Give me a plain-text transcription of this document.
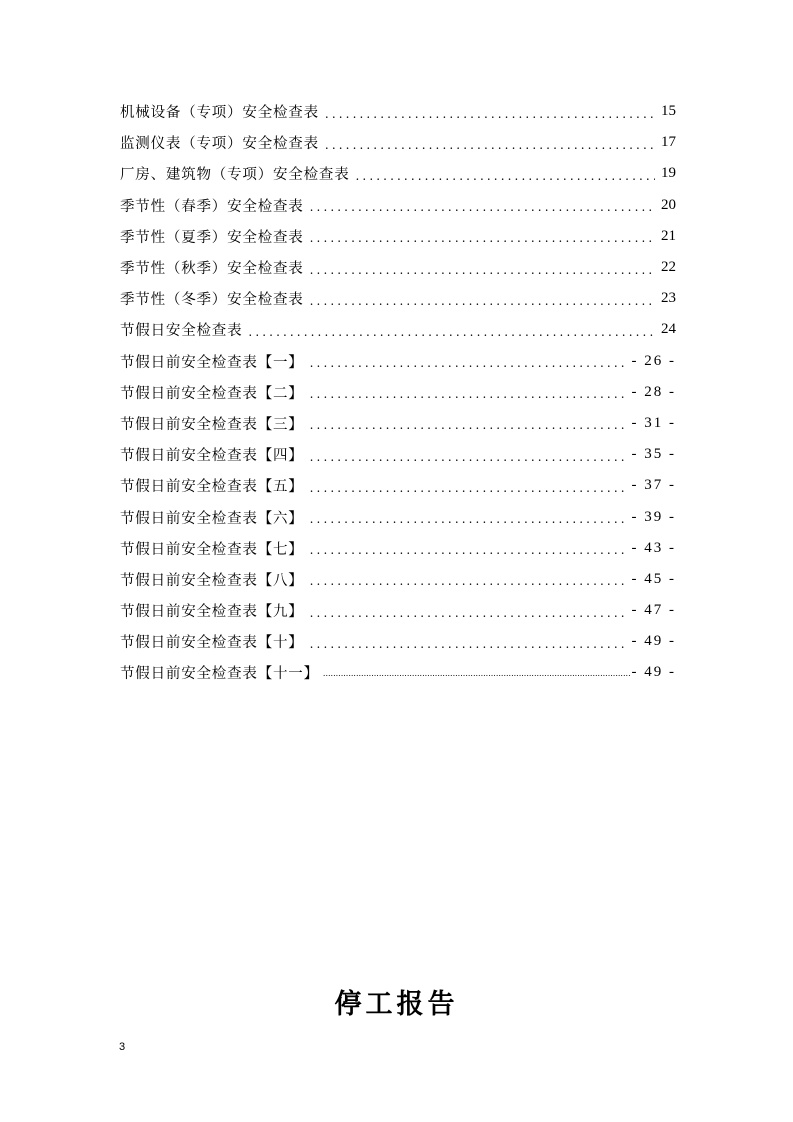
机械设备（专项）安全检查表 .....	15
监测仪表（专项）安全检查表 .....	17
厂房、建筑物（专项）安全检查表 .....	19
季节性（春季）安全检查表 .....	20
季节性（夏季）安全检查表 .....	21
季节性（秋季）安全检查表 .....	22
季节性（冬季）安全检查表 .....	23
节假日安全检查表 .....	24
节假日前安全检查表【一】 .....	- 26 -
节假日前安全检查表【二】 .....	- 28 -
节假日前安全检查表【三】 .....	- 31 -
节假日前安全检查表【四】 .....	- 35 -
节假日前安全检查表【五】 .....	- 37 -
节假日前安全检查表【六】 .....	- 39 -
节假日前安全检查表【七】 .....	- 43 -
节假日前安全检查表【八】 .....	- 45 -
节假日前安全检查表【九】 .....	- 47 -
节假日前安全检查表【十】 .....	- 49 -
节假日前安全检查表【十一】 .....	- 49 -
停工报告
3
